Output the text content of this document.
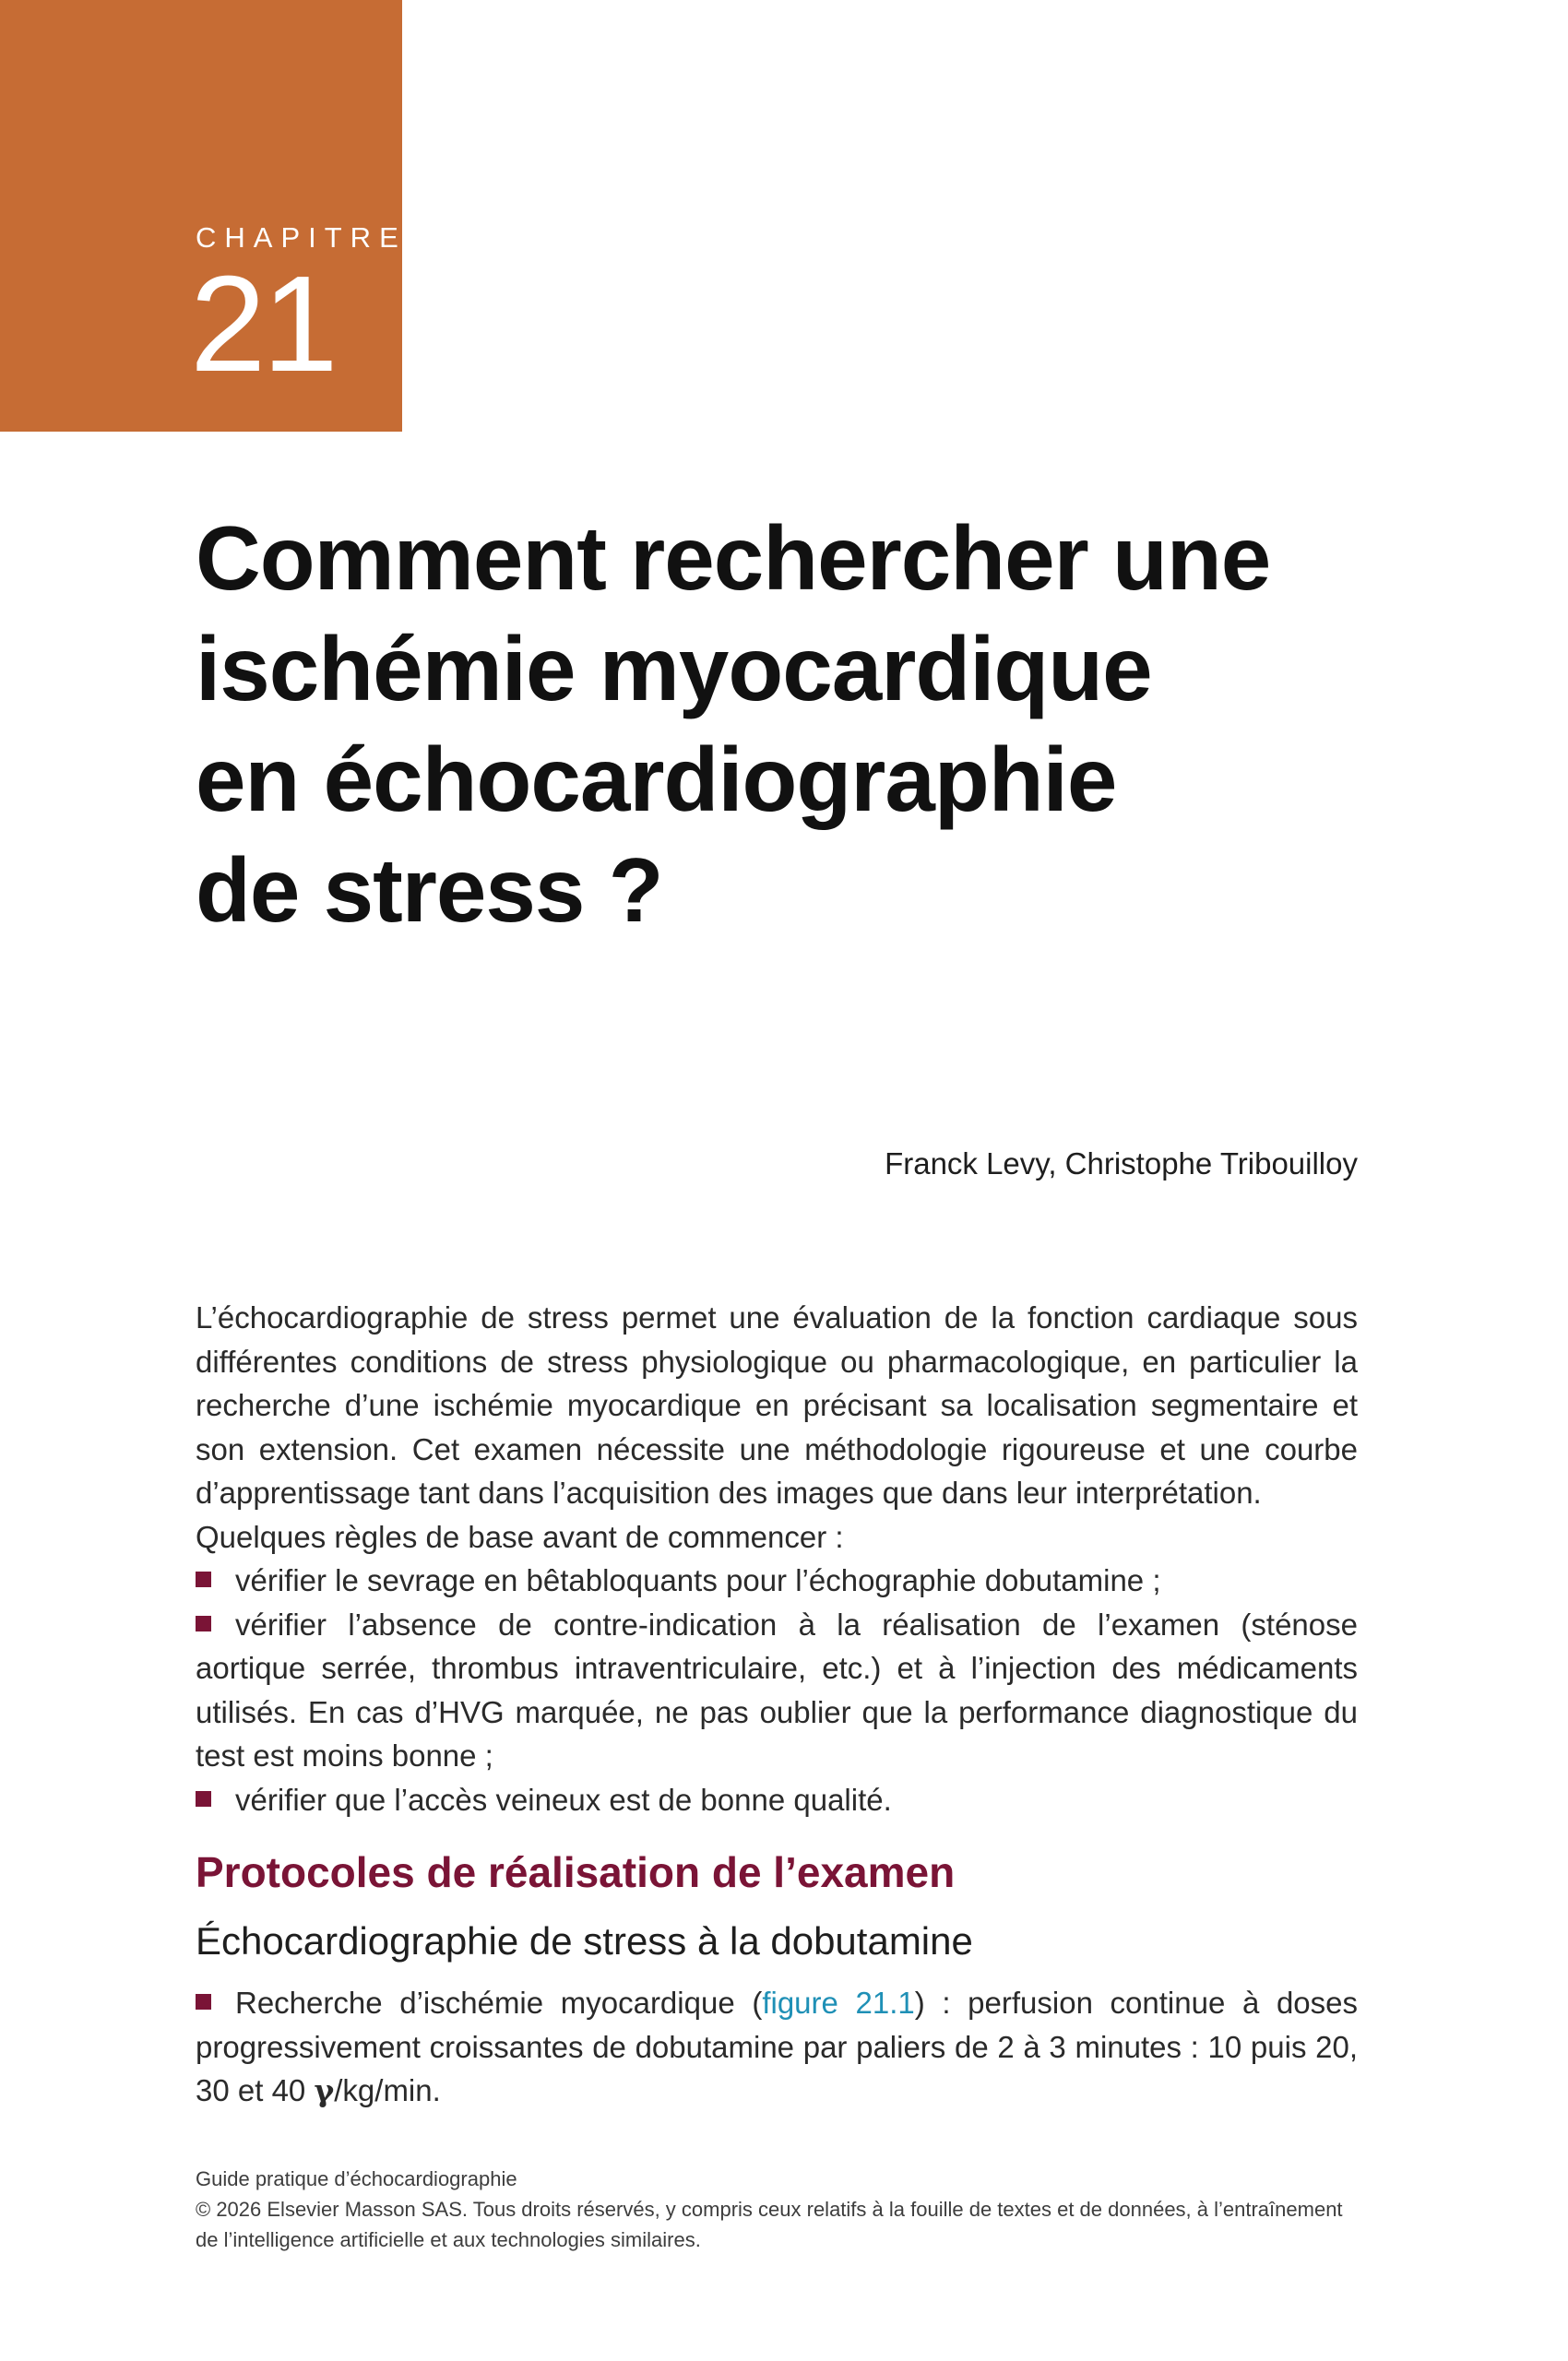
CHAPITRE
21
Comment rechercher une
ischémie myocardique
en échocardiographie
de stress ?
Franck Levy, Christophe Tribouilloy

L’échocardiographie de stress permet une évaluation de la fonction cardiaque sous différentes conditions de stress physiologique ou pharmacologique, en particulier la recherche d’une ischémie myocardique en précisant sa localisation segmentaire et son extension. Cet examen nécessite une méthodologie rigoureuse et une courbe d’apprentissage tant dans l’acquisition des images que dans leur interprétation.

Quelques règles de base avant de commencer :

vérifier le sevrage en bêtabloquants pour l’échographie dobutamine ;
vérifier l’absence de contre-indication à la réalisation de l’examen (sténose aortique serrée, thrombus intraventriculaire, etc.) et à l’injection des médicaments utilisés. En cas d’HVG marquée, ne pas oublier que la performance diagnostique du test est moins bonne ;
vérifier que l’accès veineux est de bonne qualité.
Protocoles de réalisation de l’examen
Échocardiographie de stress à la dobutamine
Recherche d’ischémie myocardique (figure 21.1) : perfusion continue à doses progressivement croissantes de dobutamine par paliers de 2 à 3 minutes : 10 puis 20, 30 et 40 γ/kg/min.

Guide pratique d’échocardiographie

© 2026 Elsevier Masson SAS. Tous droits réservés, y compris ceux relatifs à la fouille de textes et de données, à l’entraînement de l’intelligence artificielle et aux technologies similaires.
